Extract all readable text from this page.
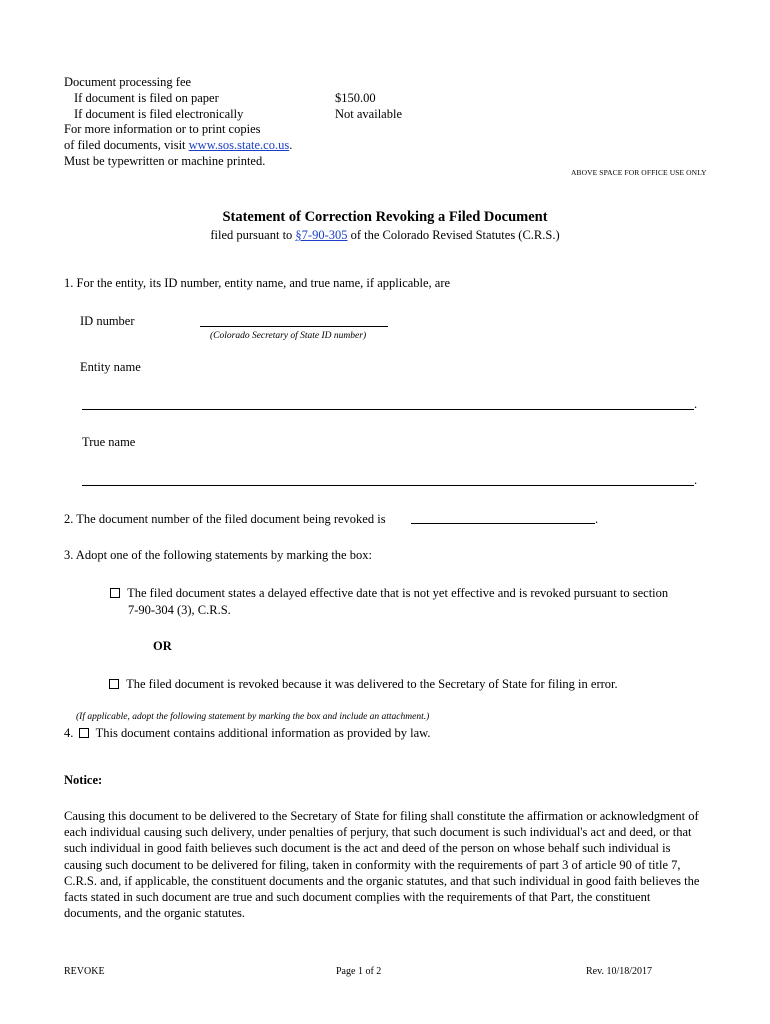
Document processing fee
If document is filed on paper	$150.00
If document is filed electronically	Not available
For more information or to print copies
of filed documents, visit www.sos.state.co.us.
Must be typewritten or machine printed.
ABOVE SPACE FOR OFFICE USE ONLY
Statement of Correction Revoking a Filed Document
filed pursuant to §7-90-305 of the Colorado Revised Statutes (C.R.S.)
1. For the entity, its ID number, entity name, and true name, if applicable, are
ID number
(Colorado Secretary of State ID number)
Entity name
.
True name
.
2. The document number of the filed document being revoked is	.
3. Adopt one of the following statements by marking the box:
The filed document states a delayed effective date that is not yet effective and is revoked pursuant to section
7-90-304 (3), C.R.S.
OR
The filed document is revoked because it was delivered to the Secretary of State for filing in error.
(If applicable, adopt the following statement by marking the box and include an attachment.)
4. This document contains additional information as provided by law.
Notice:
Causing this document to be delivered to the Secretary of State for filing shall constitute the affirmation or acknowledgment of each individual causing such delivery, under penalties of perjury, that such document is such individual's act and deed, or that such individual in good faith believes such document is the act and deed of the person on whose behalf such individual is causing such document to be delivered for filing, taken in conformity with the requirements of part 3 of article 90 of title 7, C.R.S. and, if applicable, the constituent documents and the organic statutes, and that such individual in good faith believes the facts stated in such document are true and such document complies with the requirements of that Part, the constituent documents, and the organic statutes.
REVOKE	Page 1 of 2	Rev. 10/18/2017
